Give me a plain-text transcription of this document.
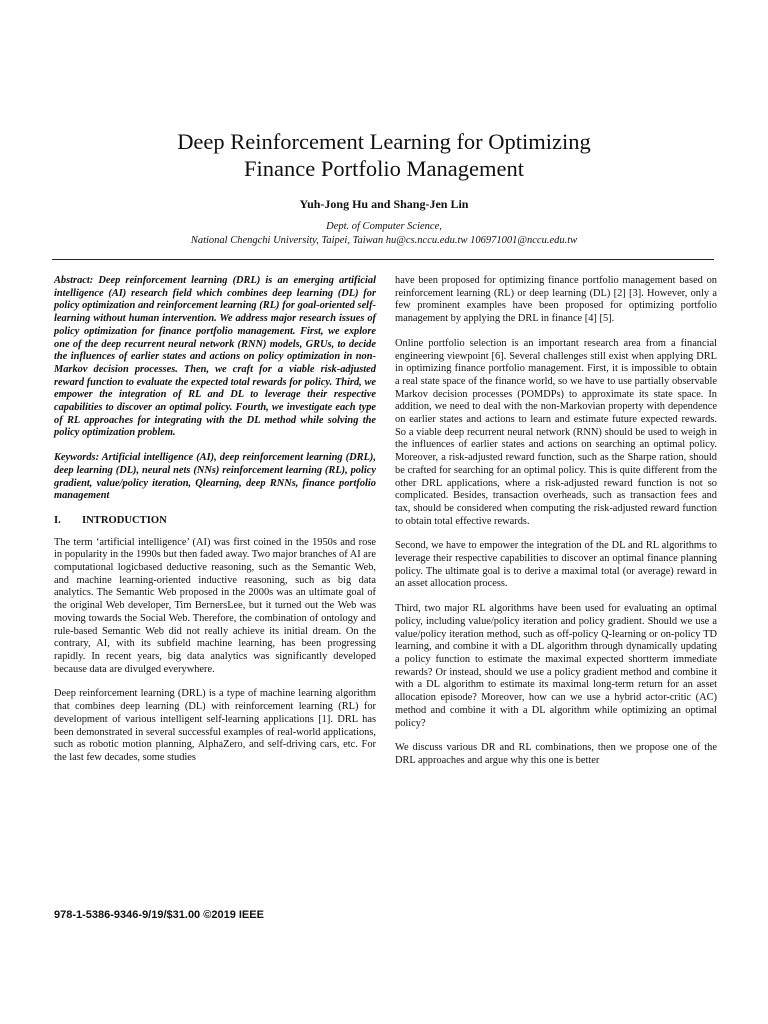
Deep Reinforcement Learning for Optimizing
Finance Portfolio Management
Yuh-Jong Hu and Shang-Jen Lin
Dept. of Computer Science,
National Chengchi University, Taipei, Taiwan hu@cs.nccu.edu.tw 106971001@nccu.edu.tw

Abstract: Deep reinforcement learning (DRL) is an emerging artificial intelligence (AI) research field which combines deep learning (DL) for policy optimization and reinforcement learning (RL) for goal-oriented self-learning without human intervention. We address major research issues of policy optimization for finance portfolio management. First, we explore one of the deep recurrent neural network (RNN) models, GRUs, to decide the influences of earlier states and actions on policy optimization in non-Markov decision processes. Then, we craft for a viable risk-adjusted reward function to evaluate the expected total rewards for policy. Third, we empower the integration of RL and DL to leverage their respective capabilities to discover an optimal policy. Fourth, we investigate each type of RL approaches for integrating with the DL method while solving the policy optimization problem.

Keywords: Artificial intelligence (AI), deep reinforcement learning (DRL), deep learning (DL), neural nets (NNs) reinforcement learning (RL), policy gradient, value/policy iteration, Qlearning, deep RNNs, finance portfolio management

I. INTRODUCTION

The term ‘artificial intelligence’ (AI) was first coined in the 1950s and rose in popularity in the 1990s but then faded away. Two major branches of AI are computational logicbased deductive reasoning, such as the Semantic Web, and machine learning-oriented inductive reasoning, such as big data analytics. The Semantic Web proposed in the 2000s was an ultimate goal of the original Web developer, Tim BernersLee, but it turned out the Web was moving towards the Social Web. Therefore, the combination of ontology and rule-based Semantic Web did not really achieve its initial dream. On the contrary, AI, with its subfield machine learning, has been progressing rapidly. In recent years, big data analytics was significantly developed because data are divulged everywhere.

Deep reinforcement learning (DRL) is a type of machine learning algorithm that combines deep learning (DL) with reinforcement learning (RL) for development of various intelligent self-learning applications [1]. DRL has been demonstrated in several successful examples of real-world applications, such as robotic motion planning, AlphaZero, and self-driving cars, etc. For the last few decades, some studies

have been proposed for optimizing finance portfolio management based on reinforcement learning (RL) or deep learning (DL) [2] [3]. However, only a few prominent examples have been proposed for optimizing portfolio management by applying the DRL in finance [4] [5].

Online portfolio selection is an important research area from a financial engineering viewpoint [6]. Several challenges still exist when applying DRL in optimizing finance portfolio management. First, it is impossible to obtain a real state space of the finance world, so we have to use partially observable Markov decision processes (POMDPs) to approximate its state space. In addition, we need to deal with the non-Markovian property with dependence on earlier states and actions to learn and estimate future expected rewards. So a viable deep recurrent neural network (RNN) should be used to weigh in the influences of earlier states and actions on searching an optimal policy. Moreover, a risk-adjusted reward function, such as the Sharpe ration, should be crafted for searching for an optimal policy. This is quite different from the other DRL applications, where a risk-adjusted reward function is not so complicated. Besides, transaction overheads, such as transaction fees and tax, should be considered when computing the risk-adjusted reward function to obtain total effective rewards.

Second, we have to empower the integration of the DL and RL algorithms to leverage their respective capabilities to discover an optimal finance planning policy. The ultimate goal is to derive a maximal total (or average) reward in an asset allocation process.

Third, two major RL algorithms have been used for evaluating an optimal policy, including value/policy iteration and policy gradient. Should we use a value/policy iteration method, such as off-policy Q-learning or on-policy TD learning, and combine it with a DL algorithm through dynamically updating a policy function to estimate the maximal expected shortterm immediate rewards? Or instead, should we use a policy gradient method and combine it with a DL algorithm to estimate its maximal long-term return for an asset allocation episode? Moreover, how can we use a hybrid actor-critic (AC) method and combine it with a DL algorithm while optimizing an optimal policy?

We discuss various DR and RL combinations, then we propose one of the DRL approaches and argue why this one is better

978-1-5386-9346-9/19/$31.00 ©2019 IEEE
